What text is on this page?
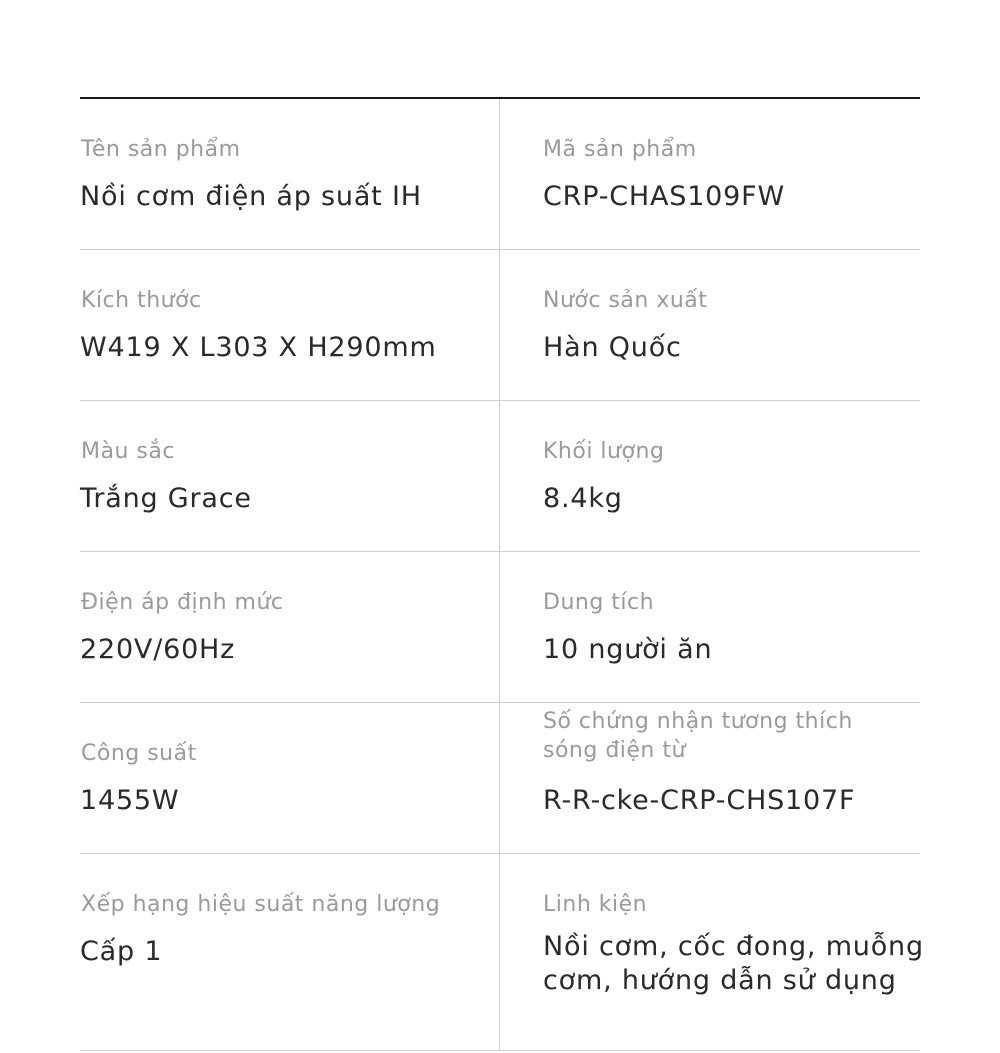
Tên sản phẩm
Nồi cơm điện áp suất IH
Mã sản phẩm
CRP-CHAS109FW
Kích thước
W419 X L303 X H290mm
Nước sản xuất
Hàn Quốc
Màu sắc
Trắng Grace
Khối lượng
8.4kg
Điện áp định mức
220V/60Hz
Dung tích
10 người ăn
Công suất
1455W
Số chứng nhận tương thích sóng điện từ
R-R-cke-CRP-CHS107F
Xếp hạng hiệu suất năng lượng
Cấp 1
Linh kiện
Nồi cơm, cốc đong, muỗng cơm, hướng dẫn sử dụng
